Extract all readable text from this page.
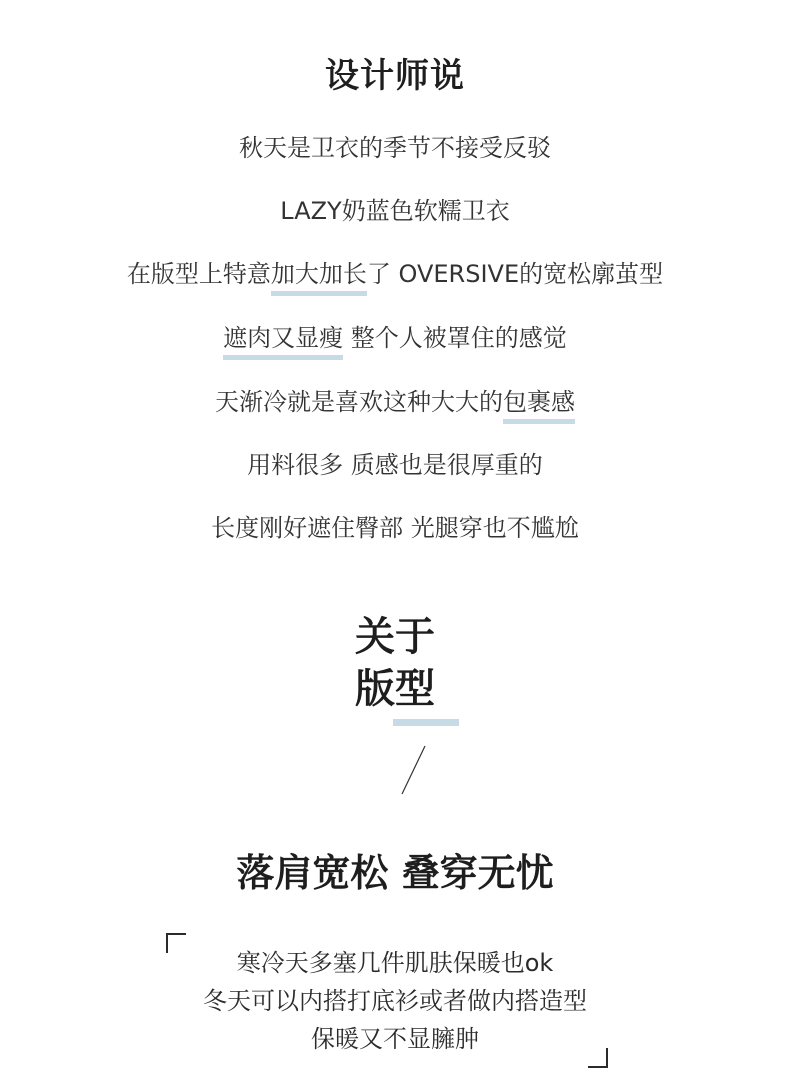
设计师说
秋天是卫衣的季节不接受反驳
LAZY奶蓝色软糯卫衣
在版型上特意加大加长了 OVERSIVE的宽松廓茧型
遮肉又显瘦 整个人被罩住的感觉
天渐冷就是喜欢这种大大的包裹感
用料很多 质感也是很厚重的
长度刚好遮住臀部 光腿穿也不尴尬
关于
版型
落肩宽松 叠穿无忧
寒冷天多塞几件肌肤保暖也ok
冬天可以内搭打底衫或者做内搭造型
保暖又不显臃肿
